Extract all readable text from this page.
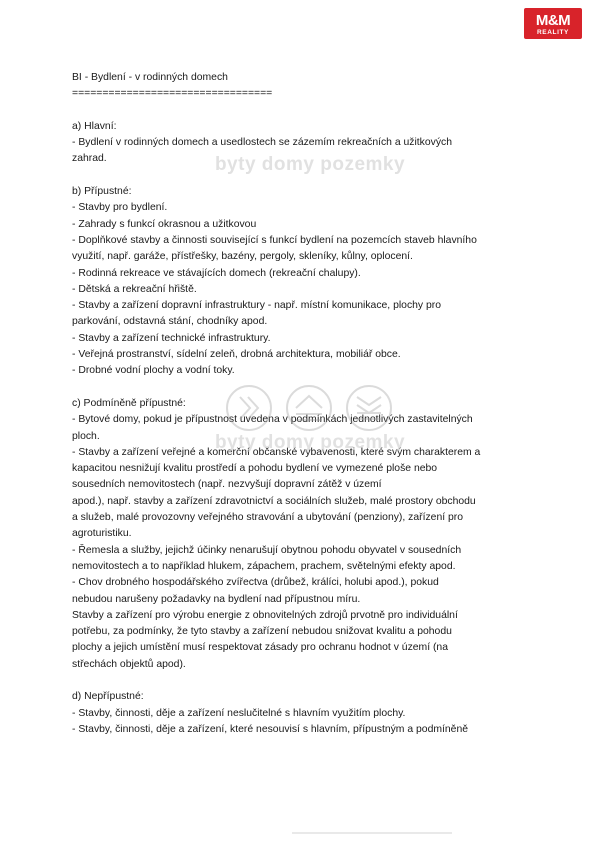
M&M
REALITY
byty domy pozemky

BI - Bydlení - v rodinných domech

=================================

a) Hlavní:

- Bydlení v rodinných domech a usedlostech se zázemím rekreačních a užitkových

zahrad.

b) Přípustné:

- Stavby pro bydlení.

- Zahrady s funkcí okrasnou a užitkovou

- Doplňkové stavby a činnosti související s funkcí bydlení na pozemcích staveb hlavního

využití, např. garáže, přístřešky, bazény, pergoly, skleníky, kůlny, oplocení.

- Rodinná rekreace ve stávajících domech (rekreační chalupy).

- Dětská a rekreační hřiště.

- Stavby a zařízení dopravní infrastruktury - např. místní komunikace, plochy pro

parkování, odstavná stání, chodníky apod.

- Stavby a zařízení technické infrastruktury.

- Veřejná prostranství, sídelní zeleň, drobná architektura, mobiliář obce.

- Drobné vodní plochy a vodní toky.

c) Podmíněně přípustné:

- Bytové domy, pokud je přípustnost uvedena v podmínkách jednotlivých zastavitelných

ploch.

- Stavby a zařízení veřejné a komerční občanské vybavenosti, které svým charakterem a

kapacitou nesnižují kvalitu prostředí a pohodu bydlení ve vymezené ploše nebo

sousedních nemovitostech (např. nezvyšují dopravní zátěž v území

apod.), např. stavby a zařízení zdravotnictví a sociálních služeb, malé prostory obchodu

a služeb, malé provozovny veřejného stravování a ubytování (penziony), zařízení pro

agroturistiku.

- Řemesla a služby, jejichž účinky nenarušují obytnou pohodu obyvatel v sousedních

nemovitostech a to například hlukem, zápachem, prachem, světelnými efekty apod.

- Chov drobného hospodářského zvířectva (drůbež, králíci, holubi apod.), pokud

nebudou narušeny požadavky na bydlení nad přípustnou míru.

Stavby a zařízení pro výrobu energie z obnovitelných zdrojů prvotně pro individuální

potřebu, za podmínky, že tyto stavby a zařízení nebudou snižovat kvalitu a pohodu

plochy a jejich umístění musí respektovat zásady pro ochranu hodnot v území (na

střechách objektů apod).

d) Nepřípustné:

- Stavby, činnosti, děje a zařízení neslučitelné s hlavním využitím plochy.

- Stavby, činnosti, děje a zařízení, které nesouvisí s hlavním, přípustným a podmíněně

byty domy pozemky
